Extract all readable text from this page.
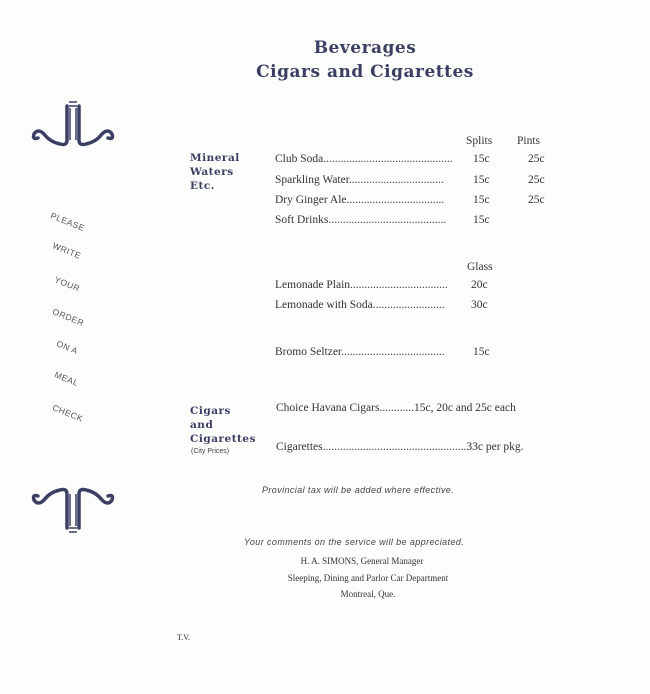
Beverages
Cigars and Cigarettes
PLEASE
WRITE
YOUR
ORDER
ON A
MEAL
CHECK
Splits Pints
Mineral
Waters
Etc.
Club Soda............................................. 15c	25c
Sparkling Water.................................	15c	25c
Dry Ginger Ale.................................. 15c	25c
Soft Drinks......................................... 15c
Glass
Lemonade Plain.................................. 20c
Lemonade with Soda......................... 30c
Bromo Seltzer.................................... 15c
Cigars
and
Cigarettes
(City Prices)
Choice Havana Cigars............15c, 20c and 25c each
Cigarettes..................................................33c per pkg.
Provincial tax will be added where effective.
Your comments on the service will be appreciated.
H. A. SIMONS, General Manager
Sleeping, Dining and Parlor Car Department
Montreal, Que.
T.V.
